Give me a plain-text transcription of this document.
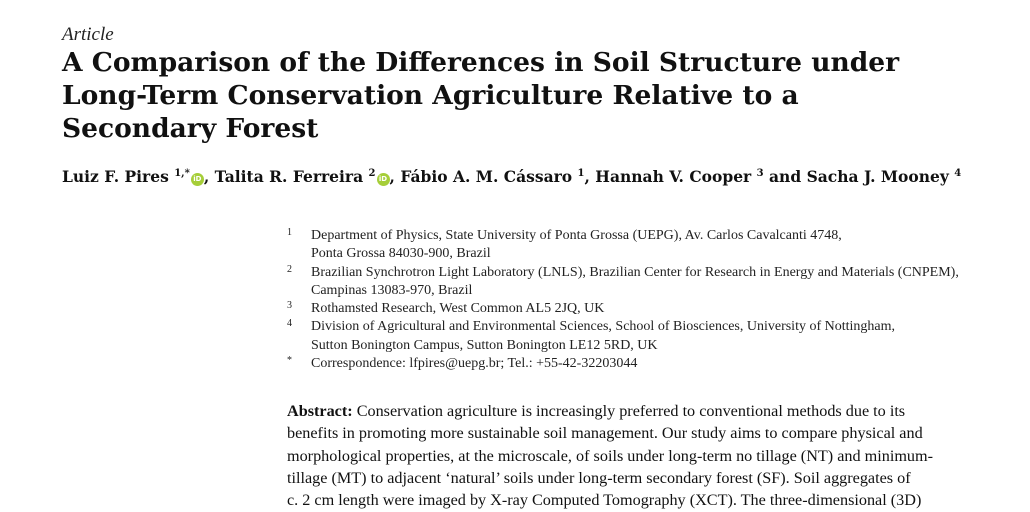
Article
A Comparison of the Differences in Soil Structure under
Long-Term Conservation Agriculture Relative to a
Secondary Forest
Luiz F. Pires $^{1,*}$ iD , Talita R. Ferreira $^2$ iD , Fábio A. M. Cássaro $^1$, Hannah V. Cooper $^3$ and Sacha J. Mooney $^4$
1 Department of Physics, State University of Ponta Grossa (UEPG), Av. Carlos Cavalcanti 4748,
Ponta Grossa 84030-900, Brazil
2 Brazilian Synchrotron Light Laboratory (LNLS), Brazilian Center for Research in Energy and Materials (CNPEM),
Campinas 13083-970, Brazil
3 Rothamsted Research, West Common AL5 2JQ, UK
4 Division of Agricultural and Environmental Sciences, School of Biosciences, University of Nottingham,
Sutton Bonington Campus, Sutton Bonington LE12 5RD, UK
* Correspondence: lfpires@uepg.br; Tel.: +55-42-32203044

Abstract: Conservation agriculture is increasingly preferred to conventional methods due to its
benefits in promoting more sustainable soil management. Our study aims to compare physical and
morphological properties, at the microscale, of soils under long-term no tillage (NT) and minimum-
tillage (MT) to adjacent ‘natural’ soils under long-term secondary forest (SF). Soil aggregates of
c. 2 cm length were imaged by X-ray Computed Tomography (XCT). The three-dimensional (3D)
